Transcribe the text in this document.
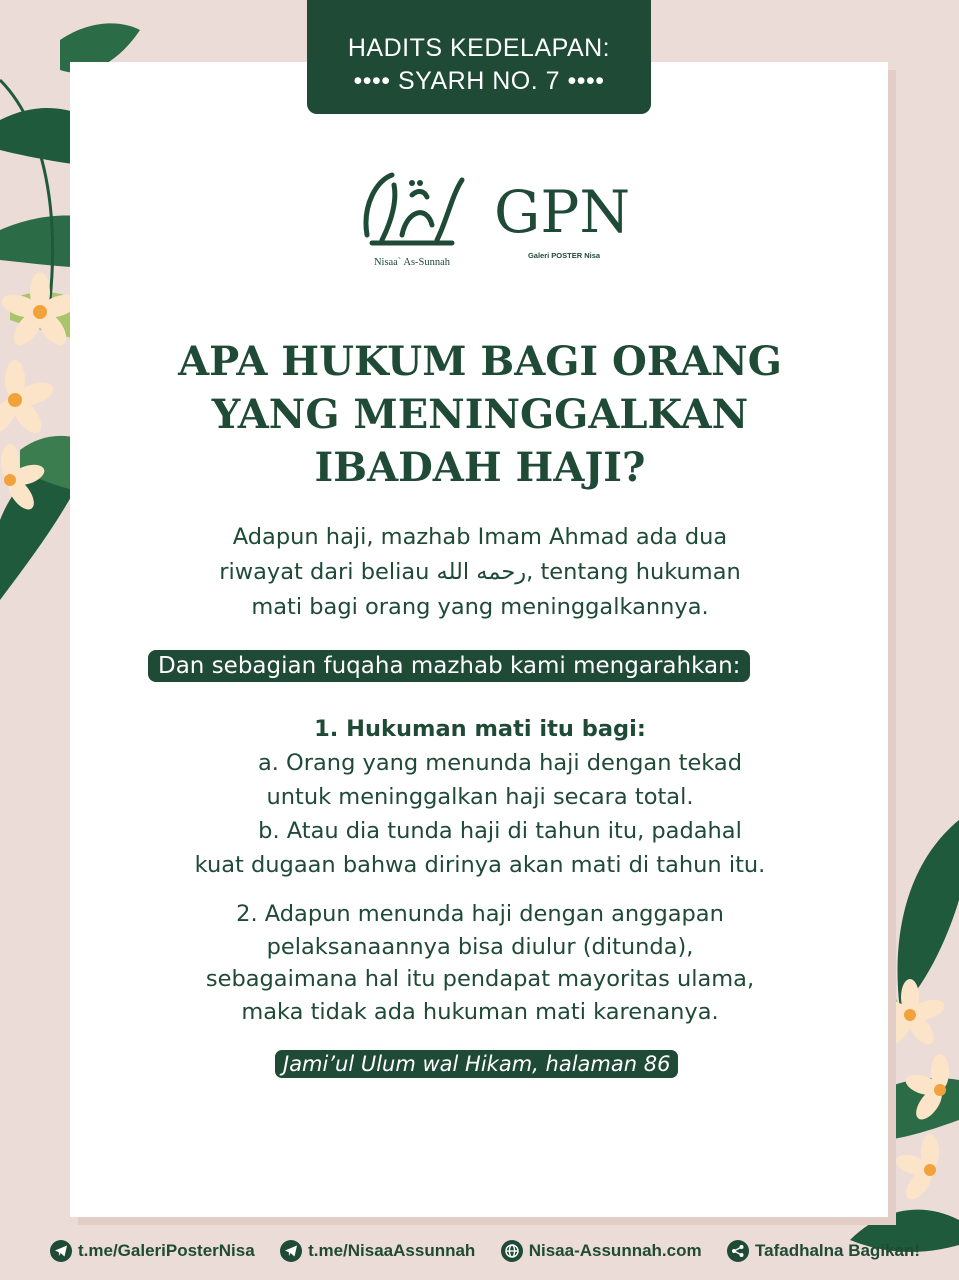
HADITS KEDELAPAN:
•••• SYARH NO. 7 ••••
Nisaa` As-Sunnah
GPN
Galeri POSTER Nisa
APA HUKUM BAGI ORANG
YANG MENINGGALKAN
IBADAH HAJI?
Adapun haji, mazhab Imam Ahmad ada dua
riwayat dari beliau رحمه الله, tentang hukuman
mati bagi orang yang meninggalkannya.
Dan sebagian fuqaha mazhab kami mengarahkan:
1. Hukuman mati itu bagi:
a. Orang yang menunda haji dengan tekad
untuk meninggalkan haji secara total.
b. Atau dia tunda haji di tahun itu, padahal
kuat dugaan bahwa dirinya akan mati di tahun itu.
2. Adapun menunda haji dengan anggapan
pelaksanaannya bisa diulur (ditunda),
sebagaimana hal itu pendapat mayoritas ulama,
maka tidak ada hukuman mati karenanya.
Jami’ul Ulum wal Hikam, halaman 86
t.me/GaleriPosterNisa	t.me/NisaaAssunnah	Nisaa-Assunnah.com	Tafadhalna Bagikan!
